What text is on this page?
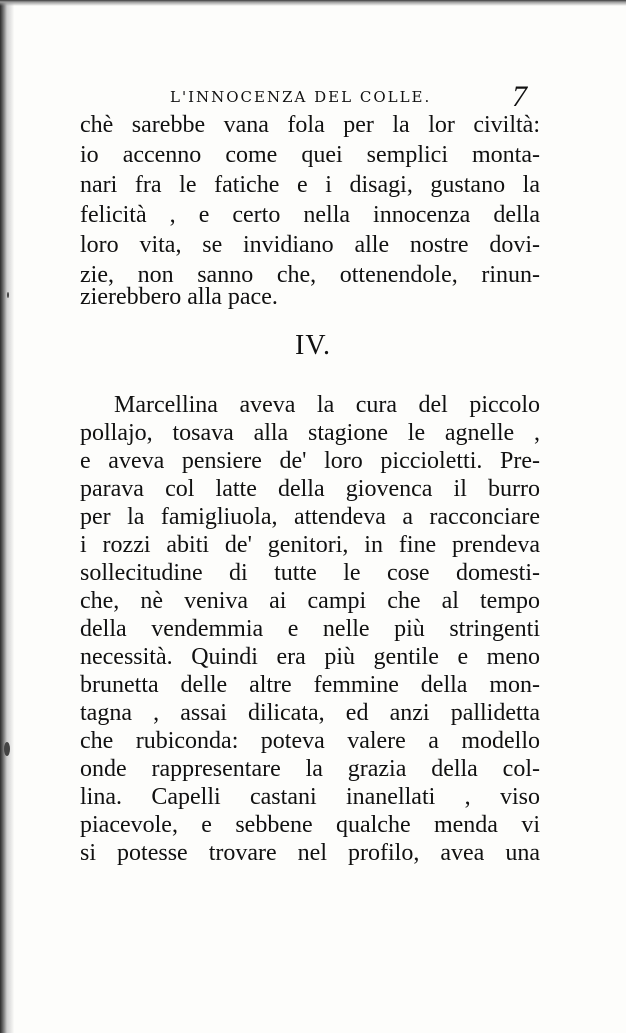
L'INNOCENZA DEL COLLE.	7
chè sarebbe vana fola per la lor civiltà:
io accenno come quei semplici monta-
nari fra le fatiche e i disagi, gustano la
felicità , e certo nella innocenza della
loro vita, se invidiano alle nostre dovi-
zie, non sanno che, ottenendole, rinun-
zierebbero alla pace.
IV.
Marcellina aveva la cura del piccolo
pollajo, tosava alla stagione le agnelle ,
e aveva pensiere de' loro piccioletti. Pre-
parava col latte della giovenca il burro
per la famigliuola, attendeva a racconciare
i rozzi abiti de' genitori, in fine prendeva
sollecitudine di tutte le cose domesti-
che, nè veniva ai campi che al tempo
della vendemmia e nelle più stringenti
necessità. Quindi era più gentile e meno
brunetta delle altre femmine della mon-
tagna , assai dilicata, ed anzi pallidetta
che rubiconda: poteva valere a modello
onde rappresentare la grazia della col-
lina. Capelli castani inanellati , viso
piacevole, e sebbene qualche menda vi
si potesse trovare nel profilo, avea una
